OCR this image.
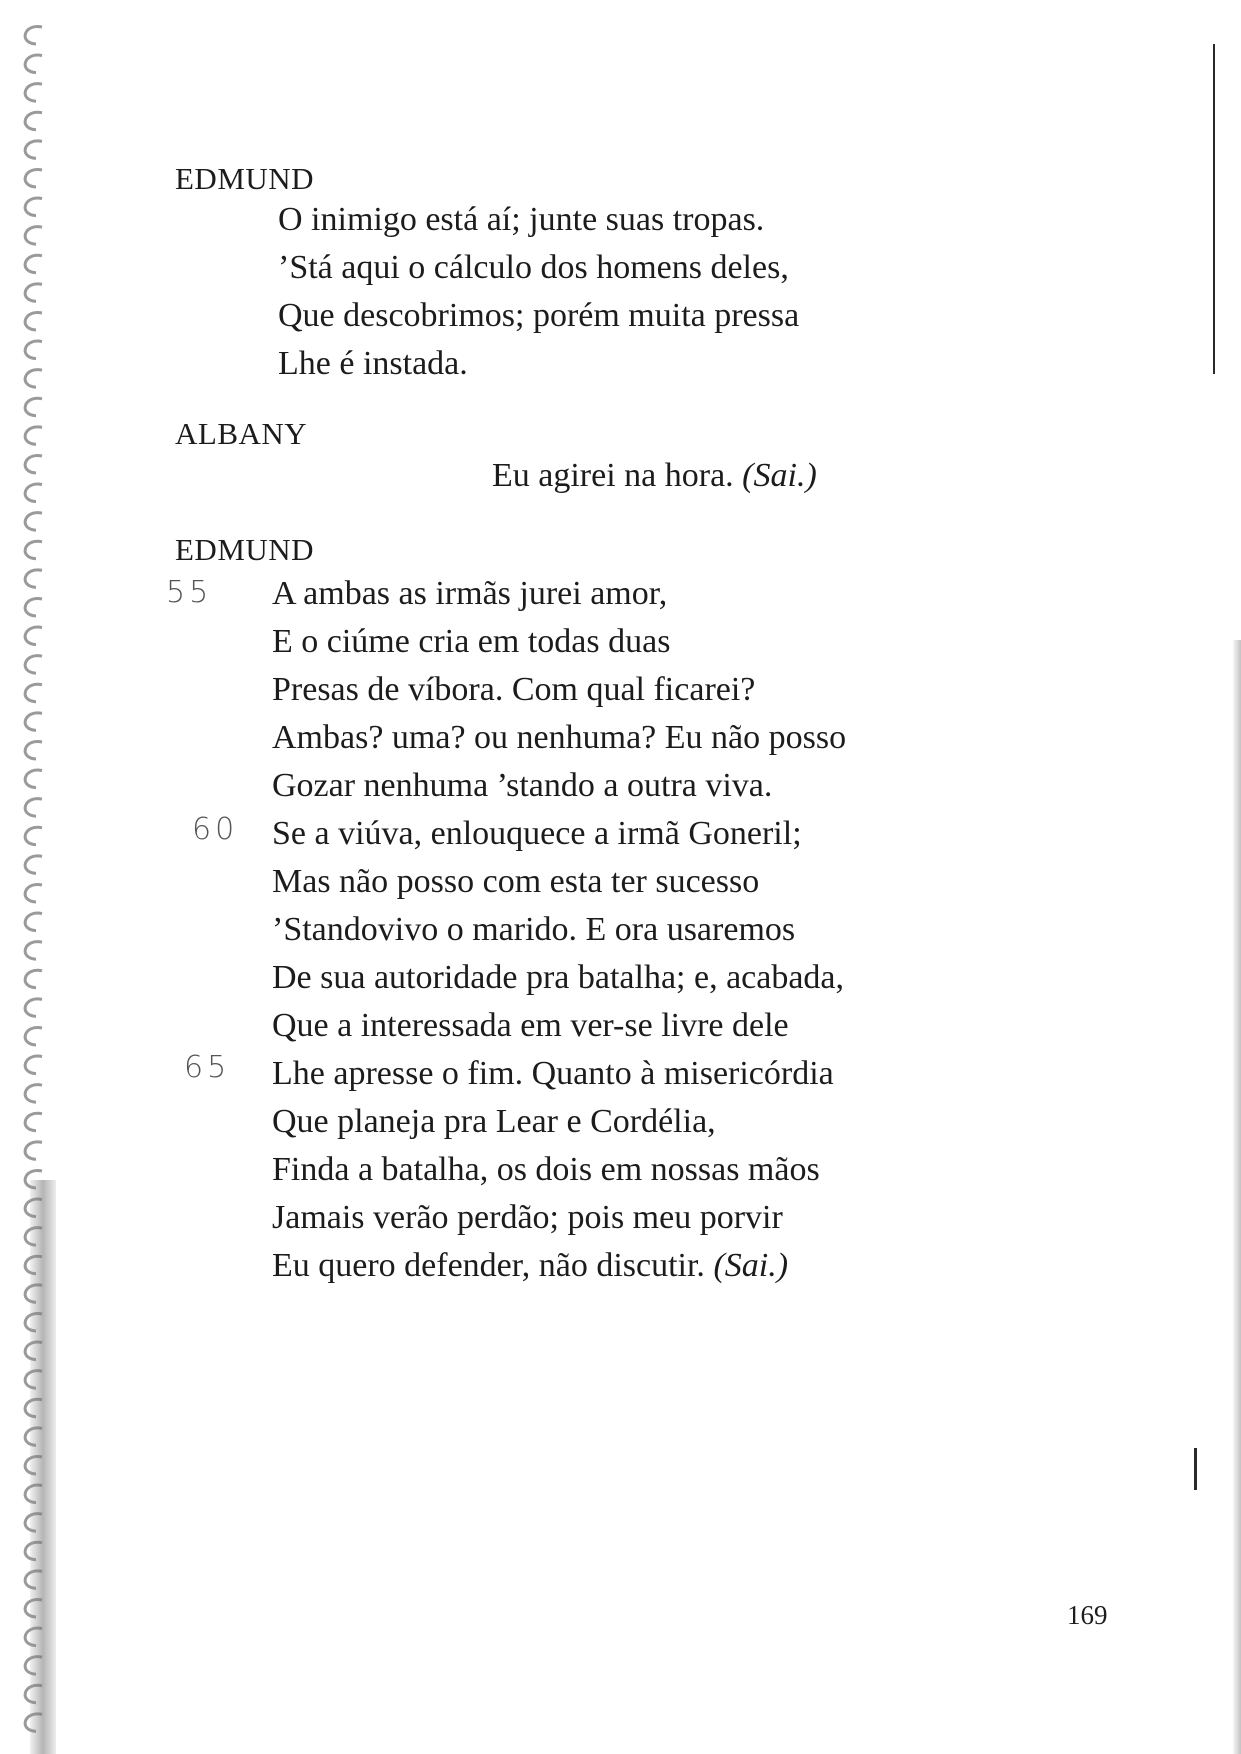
EDMUND
O inimigo está aí; junte suas tropas.
’Stá aqui o cálculo dos homens deles,
Que descobrimos; porém muita pressa
Lhe é instada.
ALBANY
Eu agirei na hora. (Sai.)
EDMUND
55
60
65
A ambas as irmãs jurei amor,
E o ciúme cria em todas duas
Presas de víbora. Com qual ficarei?
Ambas? uma? ou nenhuma? Eu não posso
Gozar nenhuma ’stando a outra viva.
Se a viúva, enlouquece a irmã Goneril;
Mas não posso com esta ter sucesso
’Standovivo o marido. E ora usaremos
De sua autoridade pra batalha; e, acabada,
Que a interessada em ver-se livre dele
Lhe apresse o fim. Quanto à misericórdia
Que planeja pra Lear e Cordélia,
Finda a batalha, os dois em nossas mãos
Jamais verão perdão; pois meu porvir
Eu quero defender, não discutir. (Sai.)
169
